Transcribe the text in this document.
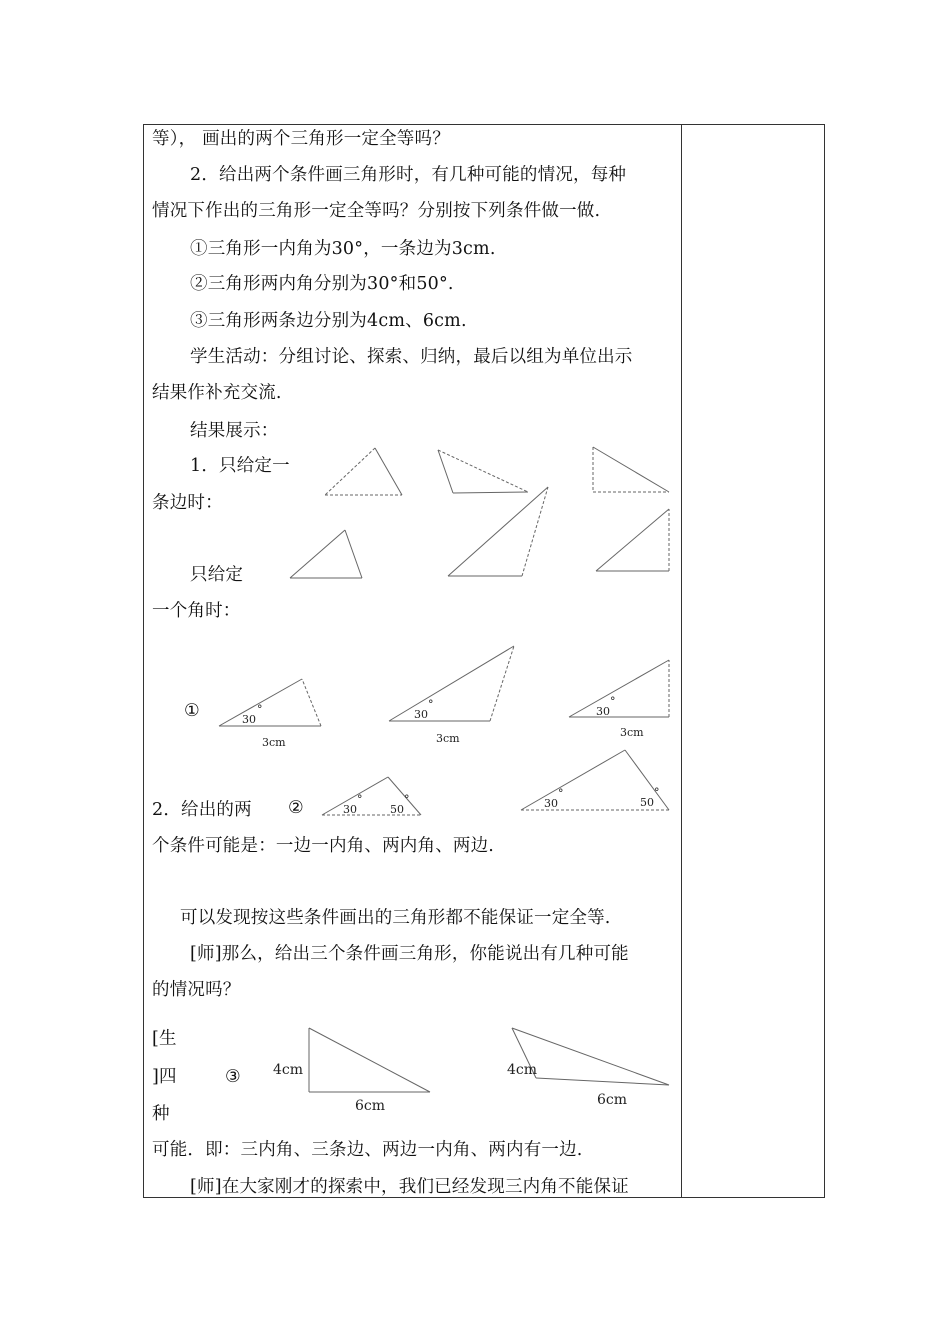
等）， 画出的两个三角形一定全等吗？
2．给出两个条件画三角形时，有几种可能的情况，每种
情况下作出的三角形一定全等吗？分别按下列条件做一做.
①三角形一内角为30°，一条边为3cm.
②三角形两内角分别为30°和50°.
③三角形两条边分别为4cm、6cm.
学生活动：分组讨论、探索、归纳，最后以组为单位出示
结果作补充交流.
结果展示：
1．只给定一
条边时：
只给定
一个角时：
①
2．给出的两 ②
个条件可能是：一边一内角、两内角、两边.
可以发现按这些条件画出的三角形都不能保证一定全等.
[师]那么，给出三个条件画三角形，你能说出有几种可能
的情况吗？
[生
]四	③
种
可能．即：三内角、三条边、两边一内角、两内有一边.
[师]在大家刚才的探索中，我们已经发现三内角不能保证
30
°
3cm
30
°
3cm
30
°
3cm
30
°
50
°	30
°
50
°
4cm
6cm
4cm
6cm
